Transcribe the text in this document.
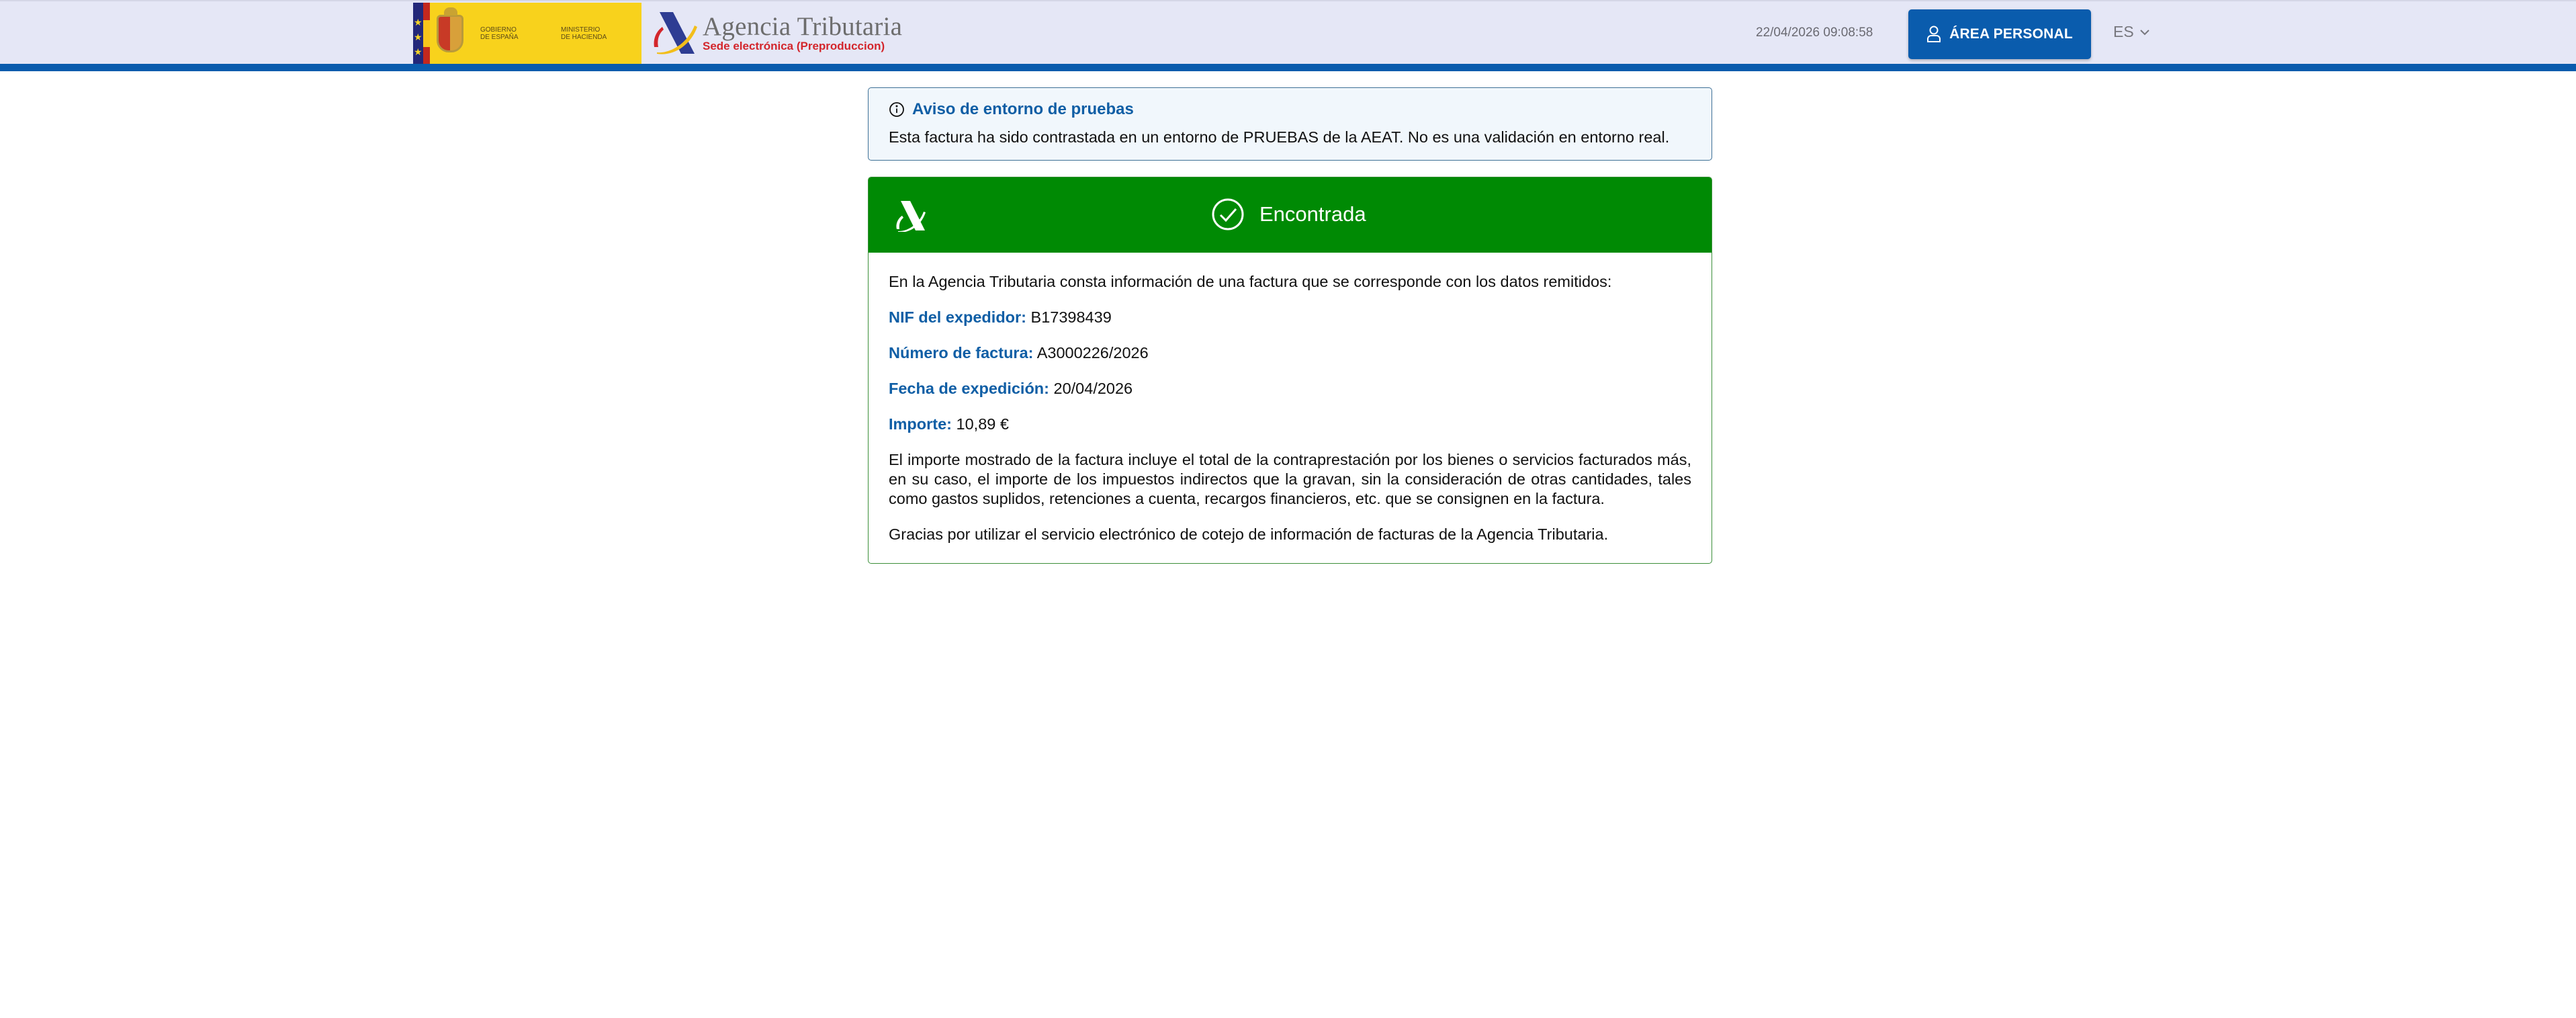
★
★
★
GOBIERNO
DE ESPAÑA
MINISTERIO
DE HACIENDA	Agencia Tributaria
Sede electrónica (Preproduccion)
22/04/2026 09:08:58	ÁREA PERSONAL	ES
Aviso de entorno de pruebas
Esta factura ha sido contrastada en un entorno de PRUEBAS de la AEAT. No es una validación en entorno real.
Encontrada

En la Agencia Tributaria consta información de una factura que se corresponde con los datos remitidos:

NIF del expedidor: B17398439

Número de factura: A3000226/2026

Fecha de expedición: 20/04/2026

Importe: 10,89 €

El importe mostrado de la factura incluye el total de la contraprestación por los bienes o servicios facturados más, en su caso, el importe de los impuestos indirectos que la gravan, sin la consideración de otras cantidades, tales como gastos suplidos, retenciones a cuenta, recargos financieros, etc. que se consignen en la factura.

Gracias por utilizar el servicio electrónico de cotejo de información de facturas de la Agencia Tributaria.
